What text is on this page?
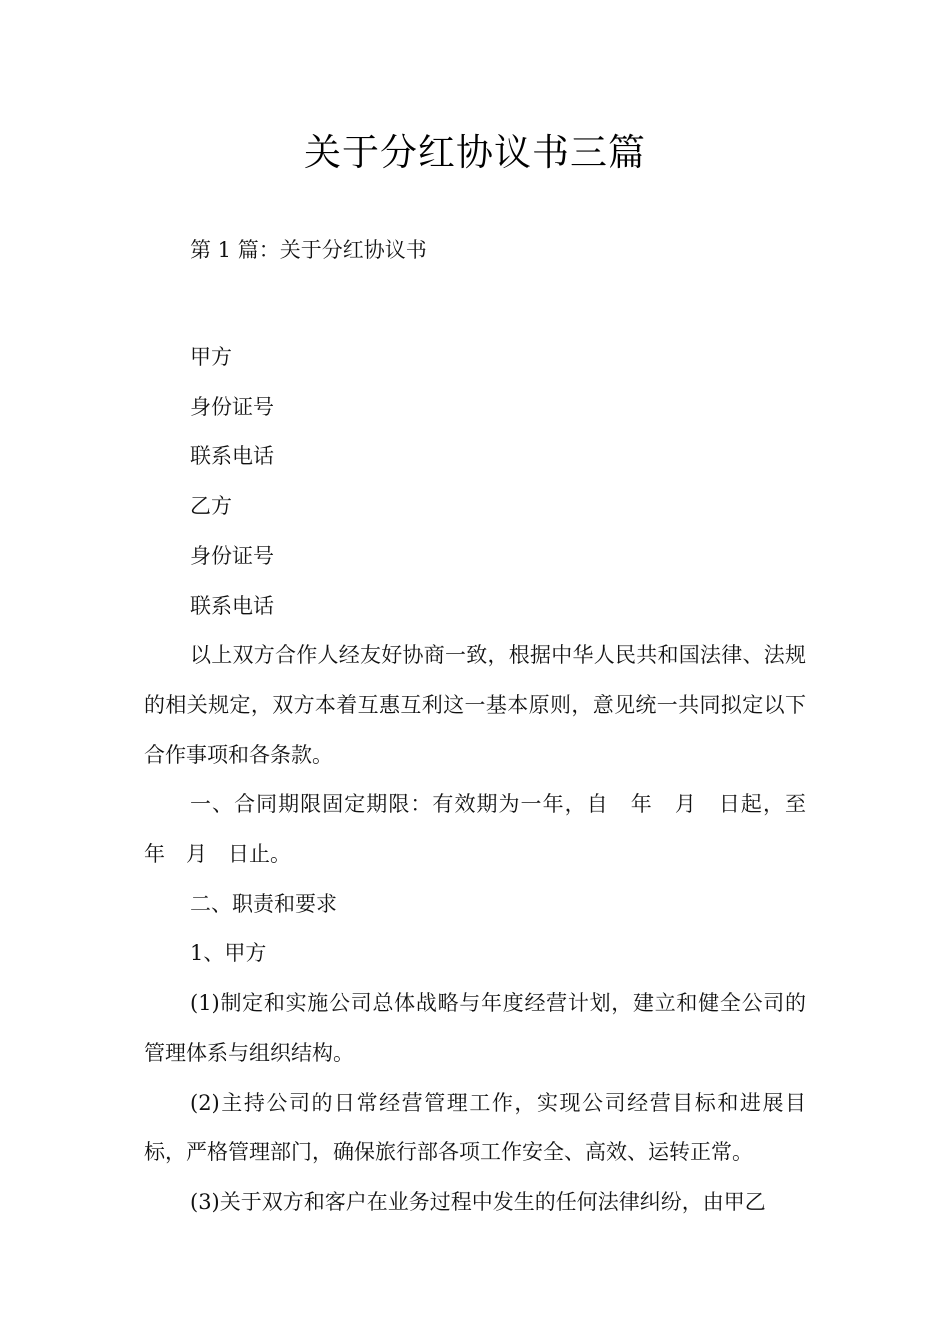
关于分红协议书三篇
第 1 篇：关于分红协议书

甲方

身份证号

联系电话

乙方

身份证号

联系电话

以上双方合作人经友好协商一致，根据中华人民共和国法律、法规的相关规定，双方本着互惠互利这一基本原则，意见统一共同拟定以下合作事项和各条款。

一、合同期限固定期限：有效期为一年，自　年　月　日起，至　年　月　日止。

二、职责和要求

1、甲方

(1)制定和实施公司总体战略与年度经营计划，建立和健全公司的管理体系与组织结构。

(2)主持公司的日常经营管理工作，实现公司经营目标和进展目标，严格管理部门，确保旅行部各项工作安全、高效、运转正常。

(3)关于双方和客户在业务过程中发生的任何法律纠纷，由甲乙
